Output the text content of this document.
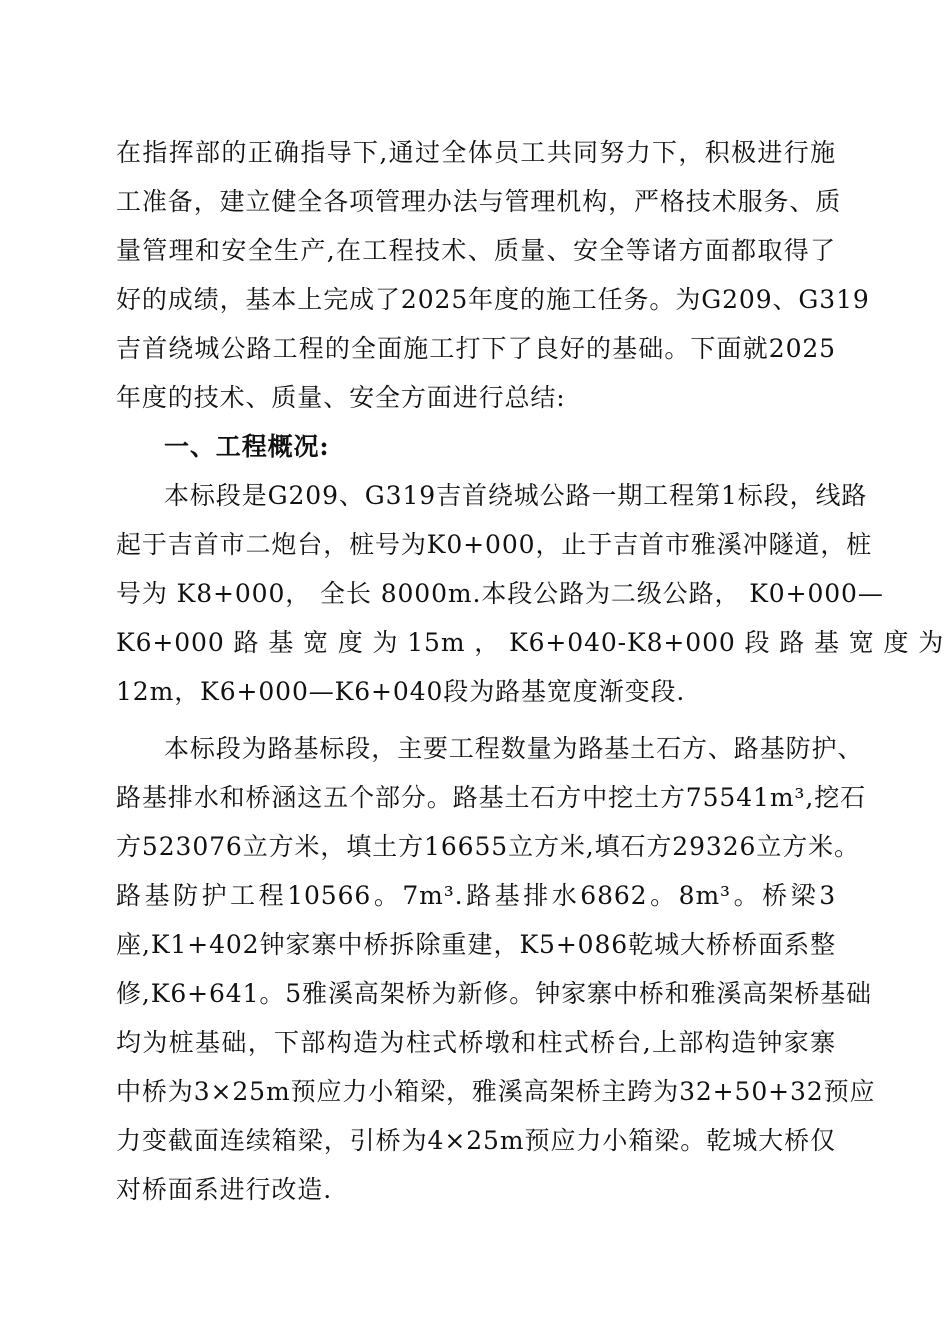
在指挥部的正确指导下,通过全体员工共同努力下，积极进行施
工准备，建立健全各项管理办法与管理机构，严格技术服务、质
量管理和安全生产,在工程技术、质量、安全等诸方面都取得了
好的成绩，基本上完成了2025年度的施工任务。为G209、G319
吉首绕城公路工程的全面施工打下了良好的基础。下面就2025
年度的技术、质量、安全方面进行总结:
一、工程概况:
本标段是G209、G319吉首绕城公路一期工程第1标段，线路
起于吉首市二炮台，桩号为K0+000，止于吉首市雅溪冲隧道，桩
号为 K8+000， 全长 8000m.本段公路为二级公路， K0+000—
K6+000 路 基 宽 度 为 15m ， K6+040-K8+000 段 路 基 宽 度 为
12m，K6+000—K6+040段为路基宽度渐变段.
本标段为路基标段，主要工程数量为路基土石方、路基防护、
路基排水和桥涵这五个部分。路基土石方中挖土方75541m³,挖石
方523076立方米，填土方16655立方米,填石方29326立方米。
路基防护工程10566。7m³.路基排水6862。8m³。桥梁3
座,K1+402钟家寨中桥拆除重建，K5+086乾城大桥桥面系整
修,K6+641。5雅溪高架桥为新修。钟家寨中桥和雅溪高架桥基础
均为桩基础，下部构造为柱式桥墩和柱式桥台,上部构造钟家寨
中桥为3×25m预应力小箱梁，雅溪高架桥主跨为32+50+32预应
力变截面连续箱梁，引桥为4×25m预应力小箱梁。乾城大桥仅
对桥面系进行改造.
